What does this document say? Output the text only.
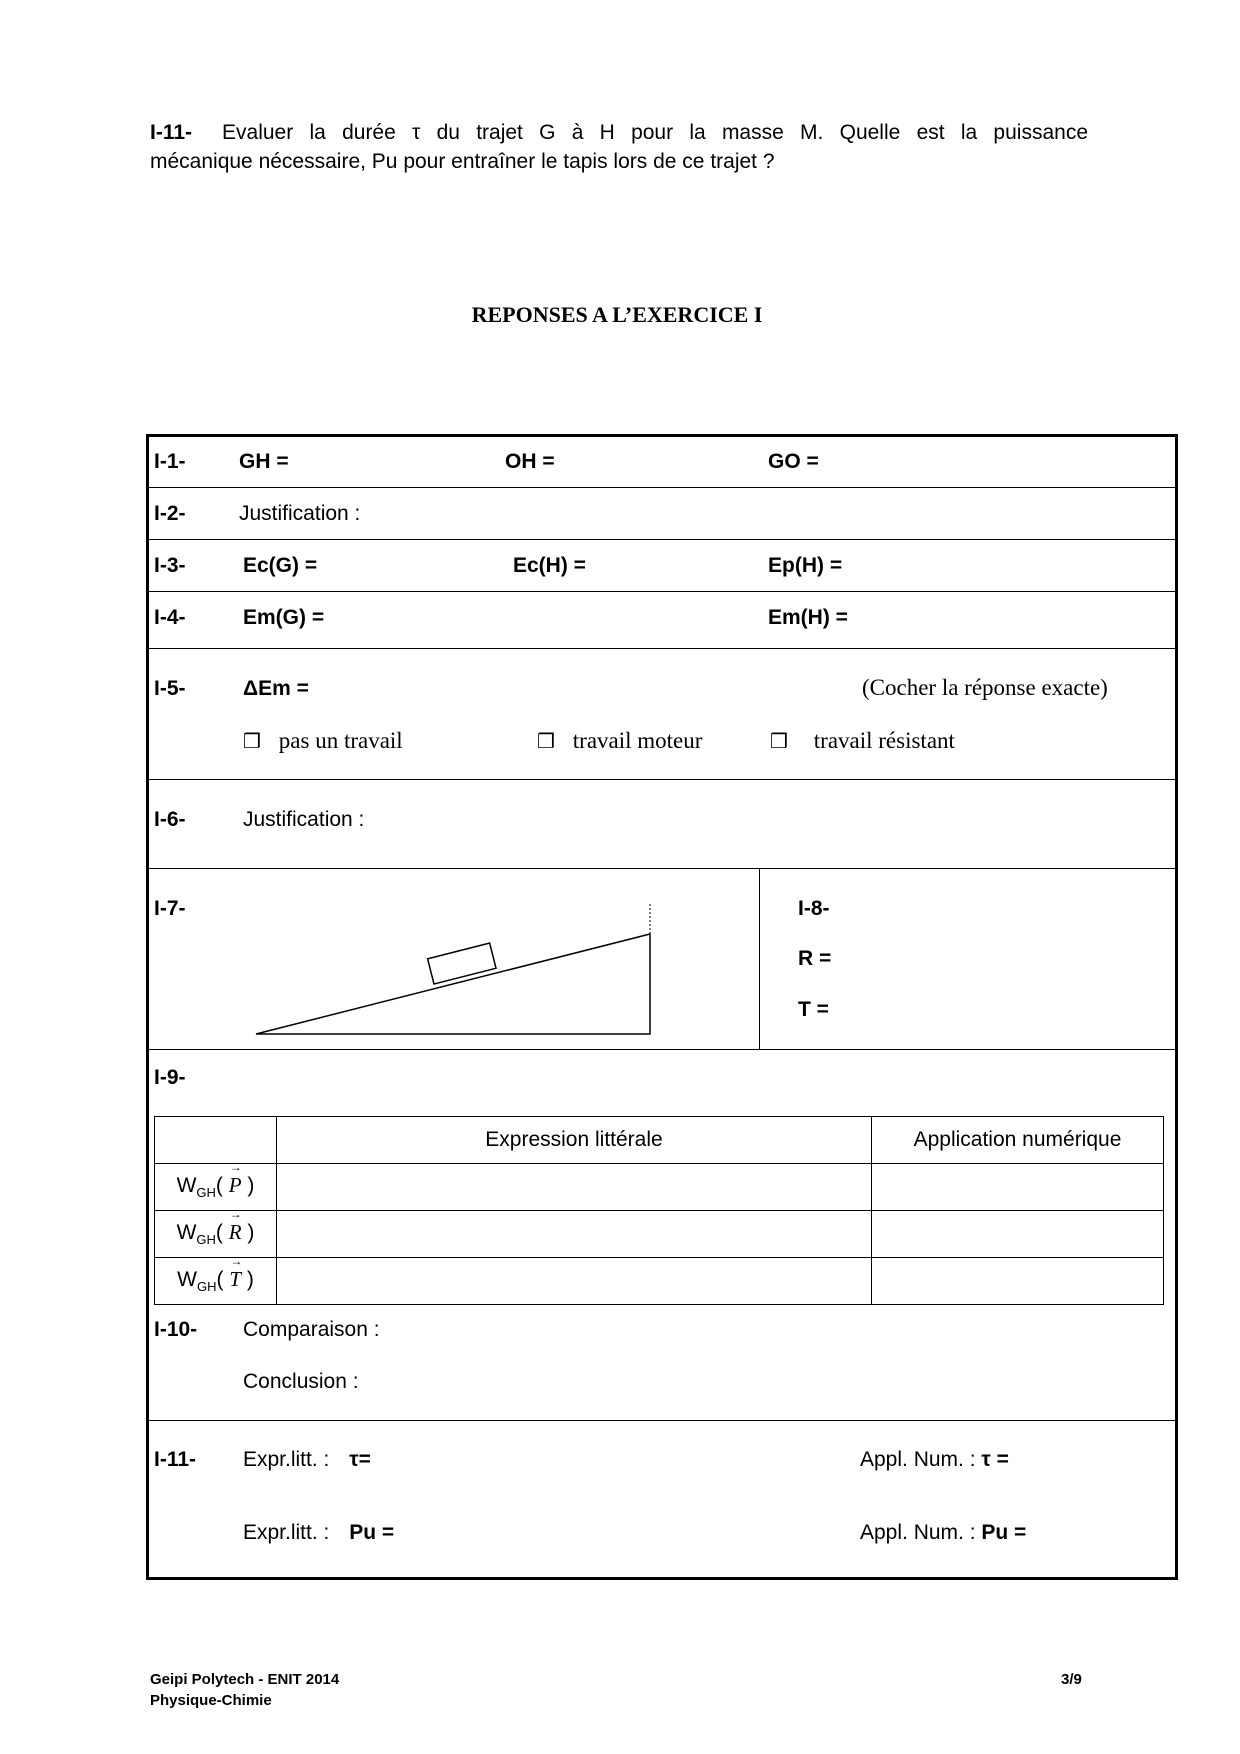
I-11- Evaluer la durée τ du trajet G à H pour la masse M. Quelle est la puissance
mécanique nécessaire, Pu pour entraîner le tapis lors de ce trajet ?
REPONSES A L’EXERCICE I
I-1-	GH =	OH =	GO =
I-2-	Justification :
I-3-	Ec(G) =	Ec(H) =	Ep(H) =
I-4-	Em(G) =	Em(H) =
I-5-	ΔEm =	(Cocher la réponse exacte)
❒ pas un travail	❒ travail moteur	❒ travail résistant
I-6-	Justification :
I-7-	I-8-
R =
T =
I-9-
	Expression littérale	Application numérique
$W_{GH}( \to P$ )		
$W_{GH}( \to R$ )		
$W_{GH}( \to T$ )		
I-10- Comparaison :
Conclusion :
I-11- Expr.litt. : τ=	Appl. Num. : τ =
Expr.litt. : Pu =	Appl. Num. : Pu =
Geipi Polytech - ENIT 2014
Physique-Chimie
3/9
